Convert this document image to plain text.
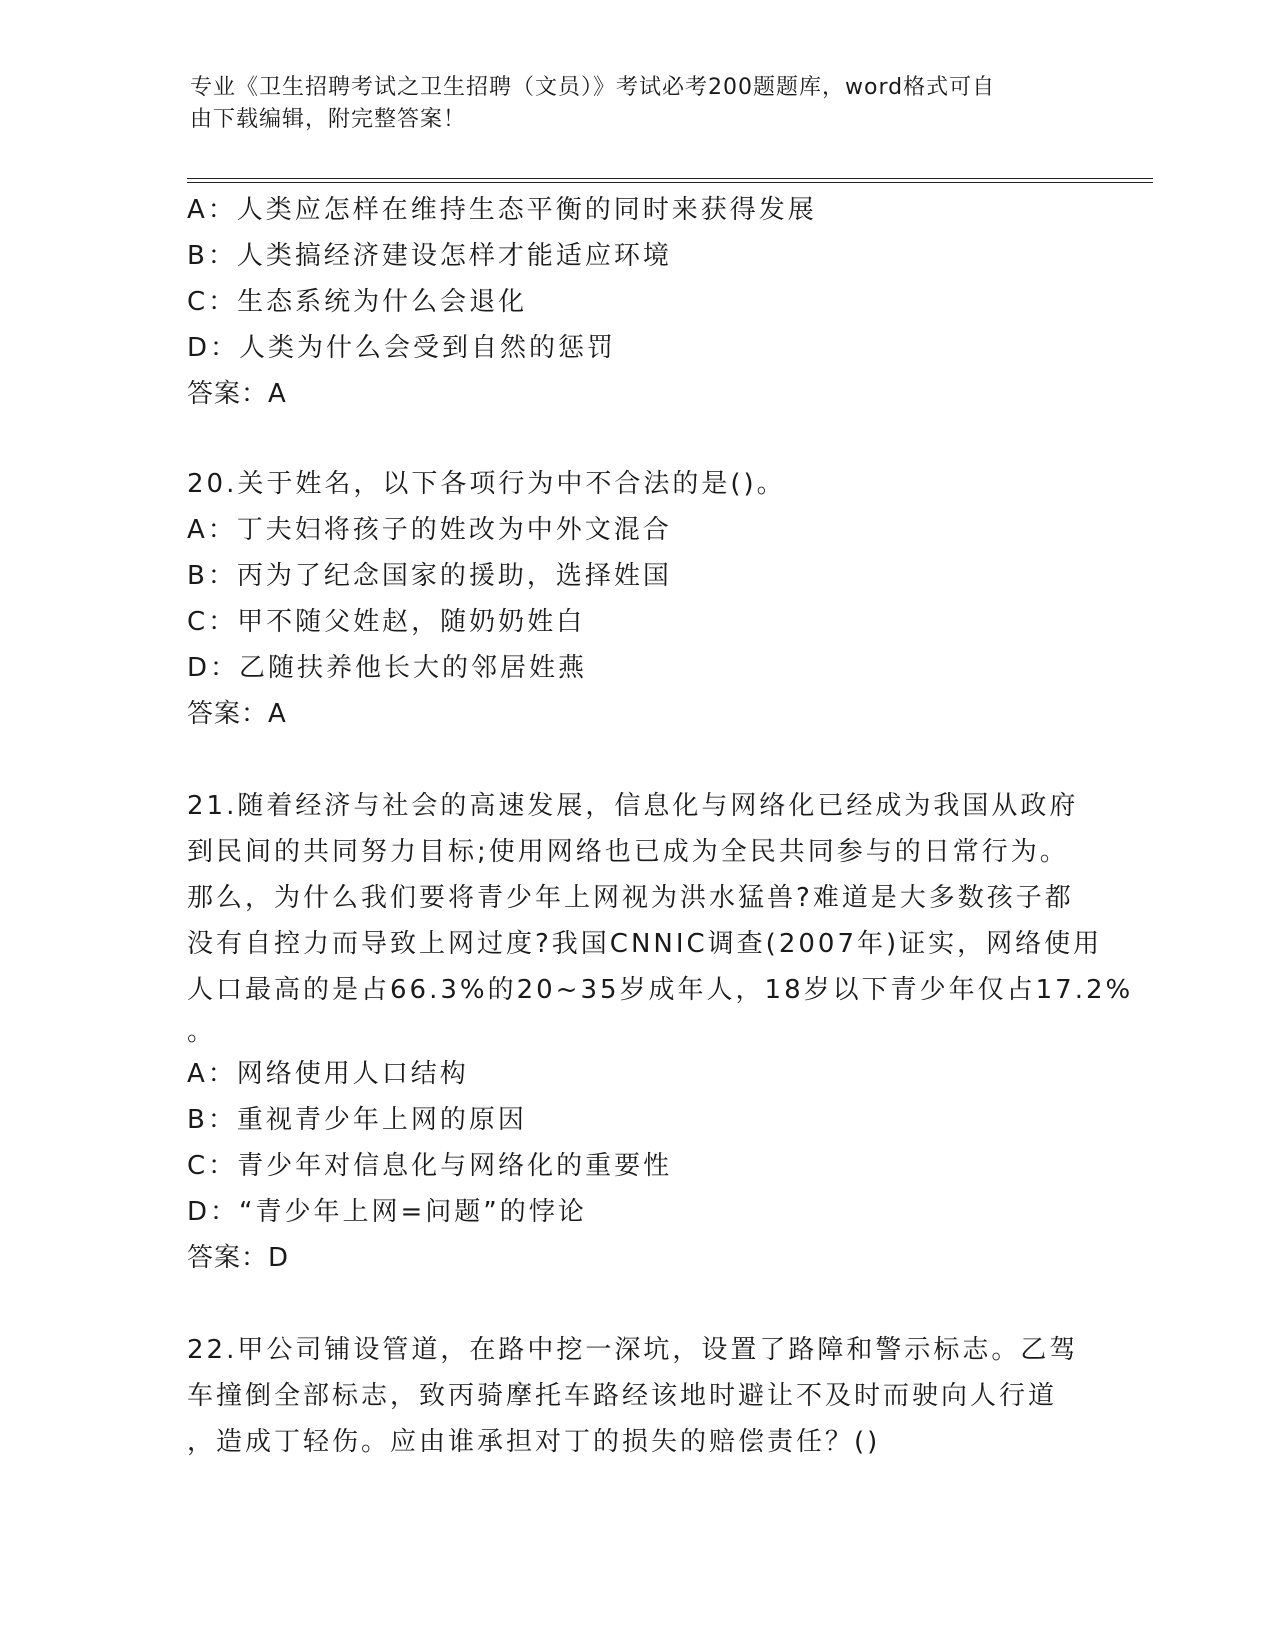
专业《卫生招聘考试之卫生招聘（文员）》考试必考200题题库，word格式可自
由下载编辑，附完整答案！
A：人类应怎样在维持生态平衡的同时来获得发展
B：人类搞经济建设怎样才能适应环境
C：生态系统为什么会退化
D：人类为什么会受到自然的惩罚
答案：A
20.关于姓名，以下各项行为中不合法的是()。
A：丁夫妇将孩子的姓改为中外文混合
B：丙为了纪念国家的援助，选择姓国
C：甲不随父姓赵，随奶奶姓白
D：乙随扶养他长大的邻居姓燕
答案：A
21.随着经济与社会的高速发展，信息化与网络化已经成为我国从政府
到民间的共同努力目标;使用网络也已成为全民共同参与的日常行为。
那么，为什么我们要将青少年上网视为洪水猛兽?难道是大多数孩子都
没有自控力而导致上网过度?我国CNNIC调查(2007年)证实，网络使用
人口最高的是占66.3%的20~35岁成年人，18岁以下青少年仅占17.2%
。
A：网络使用人口结构
B：重视青少年上网的原因
C：青少年对信息化与网络化的重要性
D：“青少年上网=问题”的悖论
答案：D
22.甲公司铺设管道，在路中挖一深坑，设置了路障和警示标志。乙驾
车撞倒全部标志，致丙骑摩托车路经该地时避让不及时而驶向人行道
，造成丁轻伤。应由谁承担对丁的损失的赔偿责任？()
